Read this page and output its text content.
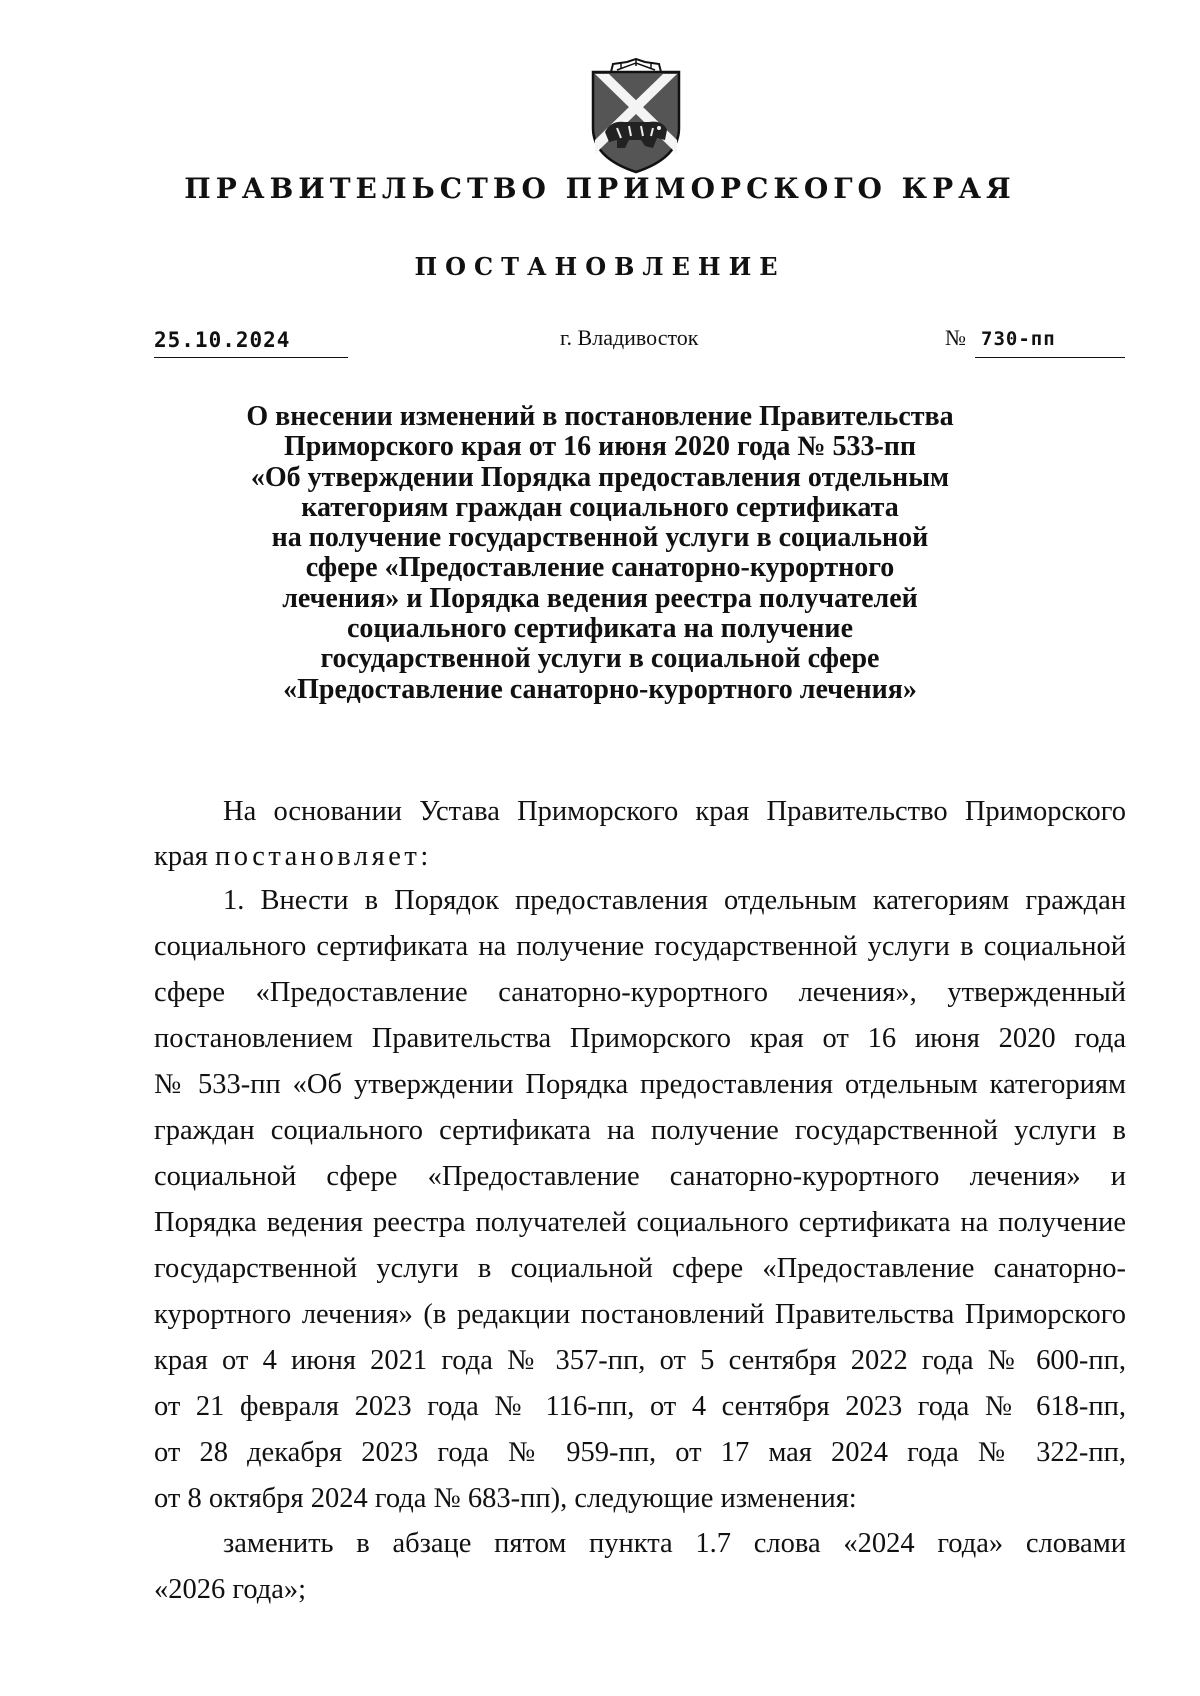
ПРАВИТЕЛЬСТВО ПРИМОРСКОГО КРАЯ
ПОСТАНОВЛЕНИЕ
25.10.2024	г. Владивосток	№ 730-пп
О внесении изменений в постановление Правительства
Приморского края от 16 июня 2020 года № 533-пп
«Об утверждении Порядка предоставления отдельным
категориям граждан социального сертификата
на получение государственной услуги в социальной
сфере «Предоставление санаторно-курортного
лечения» и Порядка ведения реестра получателей
социального сертификата на получение
государственной услуги в социальной сфере
«Предоставление санаторно-курортного лечения»
На основании Устава Приморского края Правительство Приморского
края постановляет:
1. Внести в Порядок предоставления отдельным категориям граждан
социального сертификата на получение государственной услуги в социальной
сфере «Предоставление санаторно-курортного лечения», утвержденный
постановлением Правительства Приморского края от 16 июня 2020 года
№ 533-пп «Об утверждении Порядка предоставления отдельным категориям
граждан социального сертификата на получение государственной услуги в
социальной сфере «Предоставление санаторно-курортного лечения» и
Порядка ведения реестра получателей социального сертификата на получение
государственной услуги в социальной сфере «Предоставление санаторно-
курортного лечения» (в редакции постановлений Правительства Приморского
края от 4 июня 2021 года № 357-пп, от 5 сентября 2022 года № 600-пп,
от 21 февраля 2023 года № 116-пп, от 4 сентября 2023 года № 618-пп,
от 28 декабря 2023 года № 959-пп, от 17 мая 2024 года № 322-пп,
от 8 октября 2024 года № 683-пп), следующие изменения:
заменить в абзаце пятом пункта 1.7 слова «2024 года» словами
«2026 года»;
